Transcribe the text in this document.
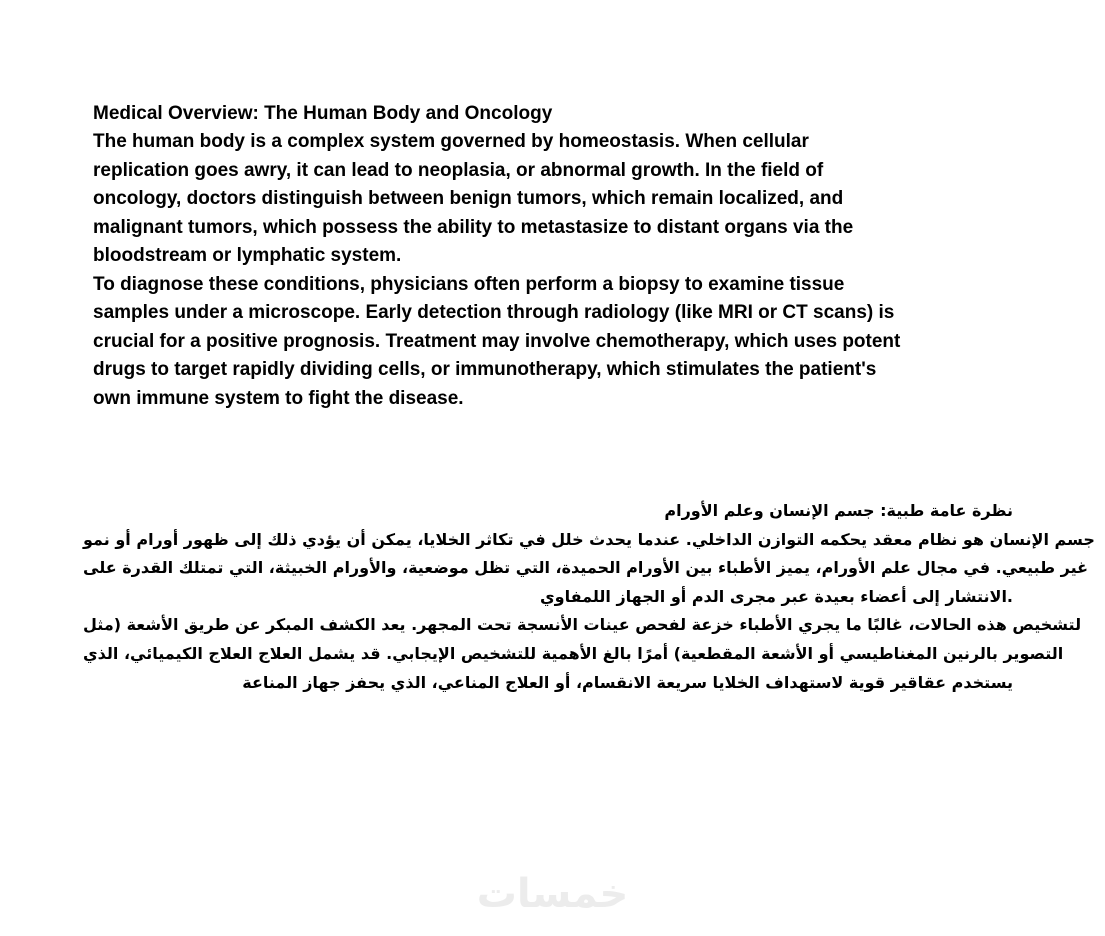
Medical Overview: The Human Body and Oncology
The human body is a complex system governed by homeostasis. When cellular
replication goes awry, it can lead to neoplasia, or abnormal growth. In the field of
oncology, doctors distinguish between benign tumors, which remain localized, and
malignant tumors, which possess the ability to metastasize to distant organs via the
bloodstream or lymphatic system.
To diagnose these conditions, physicians often perform a biopsy to examine tissue
samples under a microscope. Early detection through radiology (like MRI or CT scans) is
crucial for a positive prognosis. Treatment may involve chemotherapy, which uses potent
drugs to target rapidly dividing cells, or immunotherapy, which stimulates the patient's
own immune system to fight the disease.
نظرة عامة طبية: جسم الإنسان وعلم الأورام
جسم الإنسان هو نظام معقد يحكمه التوازن الداخلي. عندما يحدث خلل في تكاثر الخلايا، يمكن أن يؤدي ذلك إلى ظهور أورام أو نمو
غير طبيعي. في مجال علم الأورام، يميز الأطباء بين الأورام الحميدة، التي تظل موضعية، والأورام الخبيثة، التي تمتلك القدرة على
الانتشار إلى أعضاء بعيدة عبر مجرى الدم أو الجهاز اللمفاوي.
لتشخيص هذه الحالات، غالبًا ما يجري الأطباء خزعة لفحص عينات الأنسجة تحت المجهر. يعد الكشف المبكر عن طريق الأشعة (مثل
التصوير بالرنين المغناطيسي أو الأشعة المقطعية) أمرًا بالغ الأهمية للتشخيص الإيجابي. قد يشمل العلاج العلاج الكيميائي، الذي
يستخدم عقاقير قوية لاستهداف الخلايا سريعة الانقسام، أو العلاج المناعي، الذي يحفز جهاز المناعة
خمسات
